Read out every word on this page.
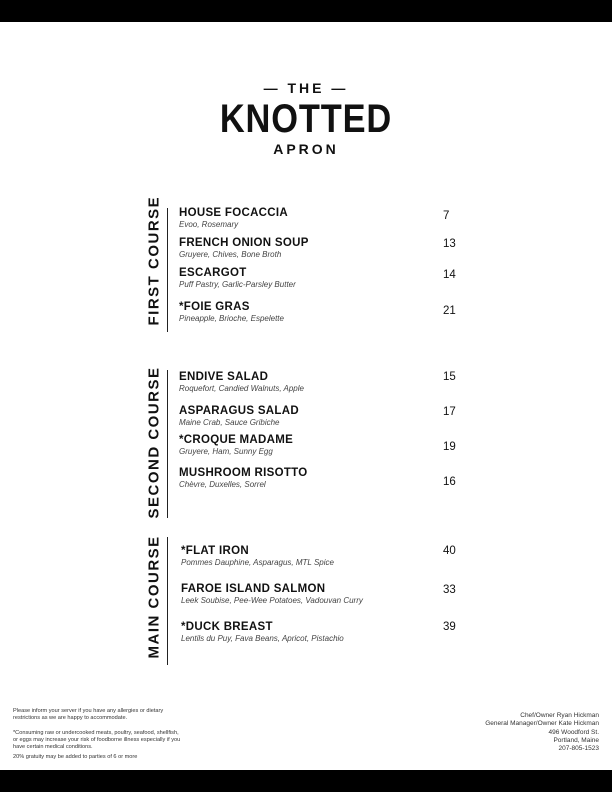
— THE —
KNOTTED
APRON
FIRST COURSE HOUSE FOCACCIA
Evoo, Rosemary
7
FRENCH ONION SOUP
Gruyere, Chives, Bone Broth
13
ESCARGOT
Puff Pastry, Garlic-Parsley Butter
14
*FOIE GRAS
Pineapple, Brioche, Espelette
21
SECOND COURSE ENDIVE SALAD
Roquefort, Candied Walnuts, Apple
15
ASPARAGUS SALAD
Maine Crab, Sauce Gribiche
17
*CROQUE MADAME
Gruyere, Ham, Sunny Egg	19
MUSHROOM RISOTTO
Chèvre, Duxelles, Sorrel	16
MAIN COURSE *FLAT IRON
Pommes Dauphine, Asparagus, MTL Spice
40
FAROE ISLAND SALMON
Leek Soubise, Pee-Wee Potatoes, Vadouvan Curry
33
*DUCK BREAST
Lentils du Puy, Fava Beans, Apricot, Pistachio
39
Please inform your server if you have any allergies or dietary
restrictions as we are happy to accommodate.
*Consuming raw or undercooked meats, poultry, seafood, shellfish,
or eggs may increase your risk of foodborne illness especially if you
have certain medical conditions.
20% gratuity may be added to parties of 6 or more
Chef/Owner Ryan Hickman
General Manager/Owner Kate Hickman
496 Woodford St.
Portland, Maine
207-805-1523
